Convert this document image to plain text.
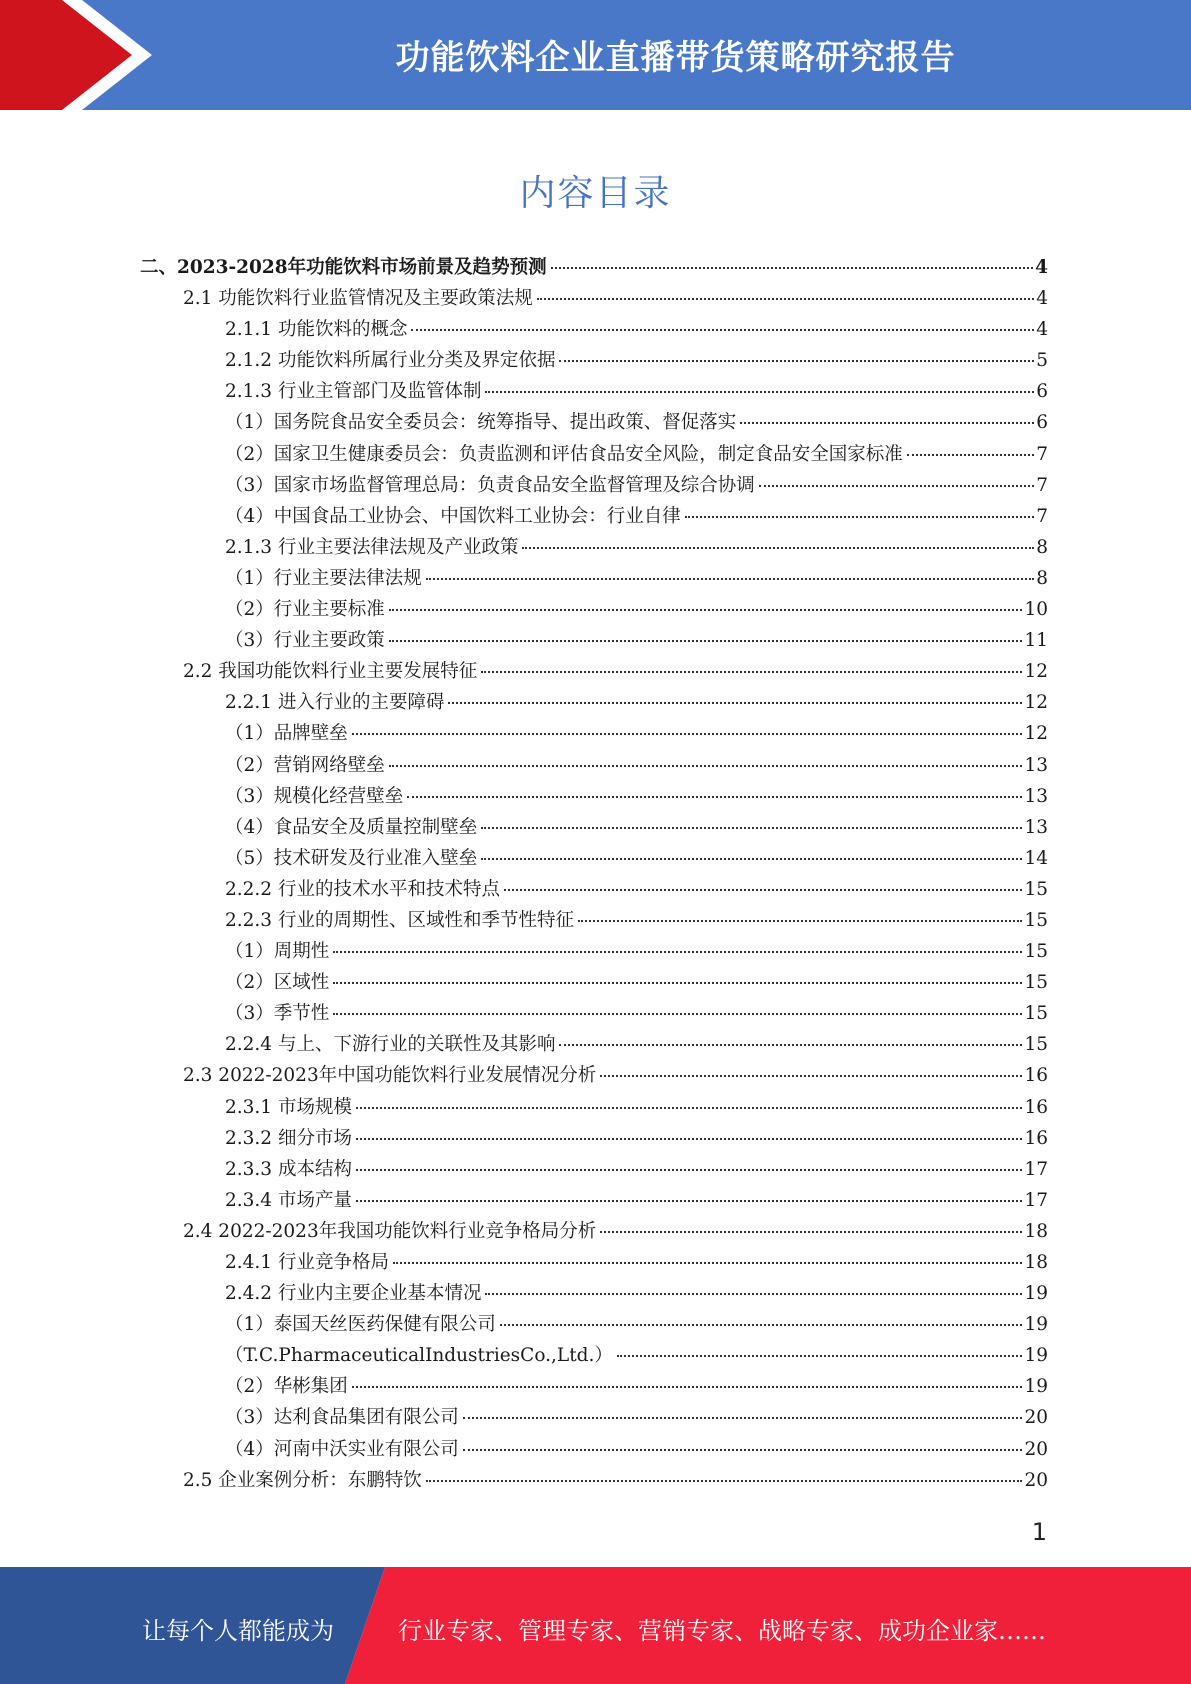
功能饮料企业直播带货策略研究报告
内容目录
二、2023-2028年功能饮料市场前景及趋势预测	4
2.1 功能饮料行业监管情况及主要政策法规	4
2.1.1 功能饮料的概念	4
2.1.2 功能饮料所属行业分类及界定依据	5
2.1.3 行业主管部门及监管体制	6
（1）国务院食品安全委员会：统筹指导、提出政策、督促落实	6
（2）国家卫生健康委员会：负责监测和评估食品安全风险，制定食品安全国家标准	7
（3）国家市场监督管理总局：负责食品安全监督管理及综合协调	7
（4）中国食品工业协会、中国饮料工业协会：行业自律	7
2.1.3 行业主要法律法规及产业政策	8
（1）行业主要法律法规	8
（2）行业主要标准	10
（3）行业主要政策	11
2.2 我国功能饮料行业主要发展特征	12
2.2.1 进入行业的主要障碍	12
（1）品牌壁垒	12
（2）营销网络壁垒	13
（3）规模化经营壁垒	13
（4）食品安全及质量控制壁垒	13
（5）技术研发及行业准入壁垒	14
2.2.2 行业的技术水平和技术特点	15
2.2.3 行业的周期性、区域性和季节性特征	15
（1）周期性	15
（2）区域性	15
（3）季节性	15
2.2.4 与上、下游行业的关联性及其影响	15
2.3 2022-2023年中国功能饮料行业发展情况分析	16
2.3.1 市场规模	16
2.3.2 细分市场	16
2.3.3 成本结构	17
2.3.4 市场产量	17
2.4 2022-2023年我国功能饮料行业竞争格局分析	18
2.4.1 行业竞争格局	18
2.4.2 行业内主要企业基本情况	19
（1）泰国天丝医药保健有限公司	19
（T.C.PharmaceuticalIndustriesCo.,Ltd.）	19
（2）华彬集团	19
（3）达利食品集团有限公司	20
（4）河南中沃实业有限公司	20
2.5 企业案例分析：东鹏特饮	20
1
让每个人都能成为	行业专家、管理专家、营销专家、战略专家、成功企业家……
